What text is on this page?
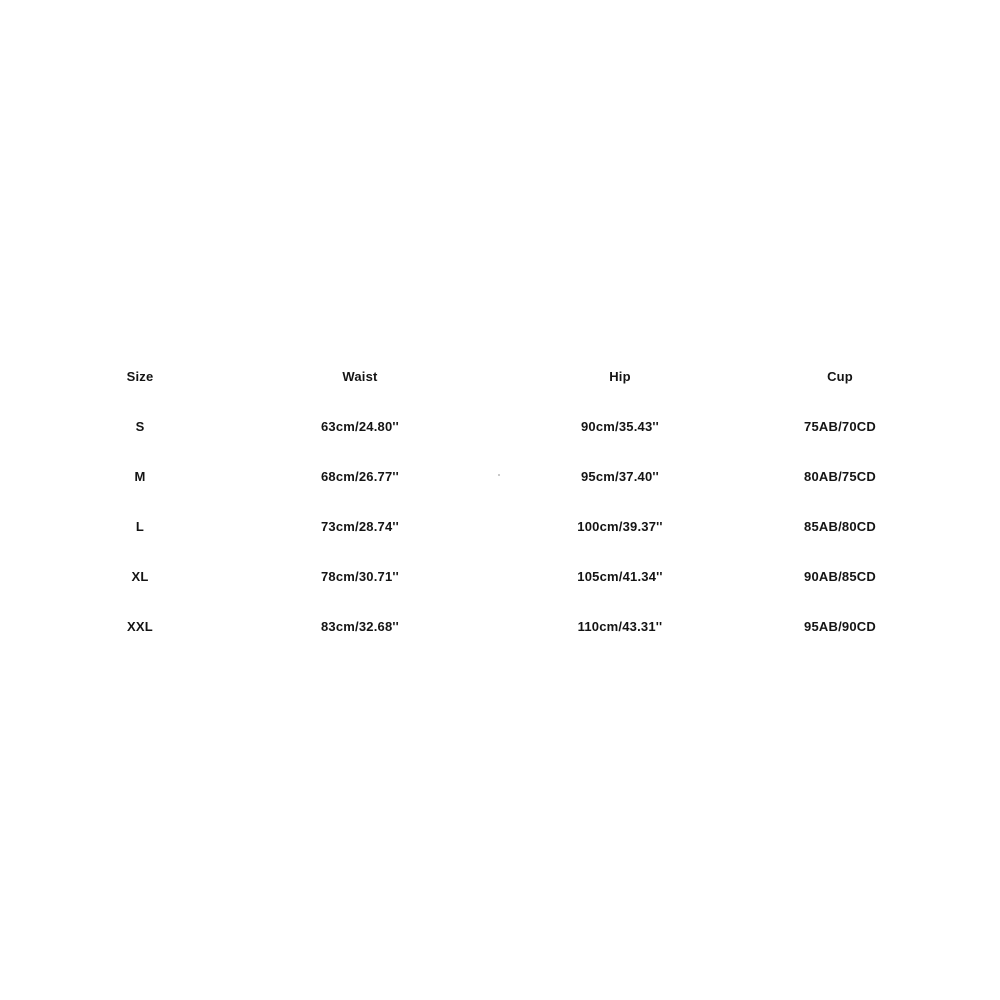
Size	Waist	Hip	Cup
S	63cm/24.80''	90cm/35.43''	75AB/70CD
M	68cm/26.77''	95cm/37.40''	80AB/75CD
L	73cm/28.74''	100cm/39.37''	85AB/80CD
XL	78cm/30.71''	105cm/41.34''	90AB/85CD
XXL	83cm/32.68''	110cm/43.31''	95AB/90CD
